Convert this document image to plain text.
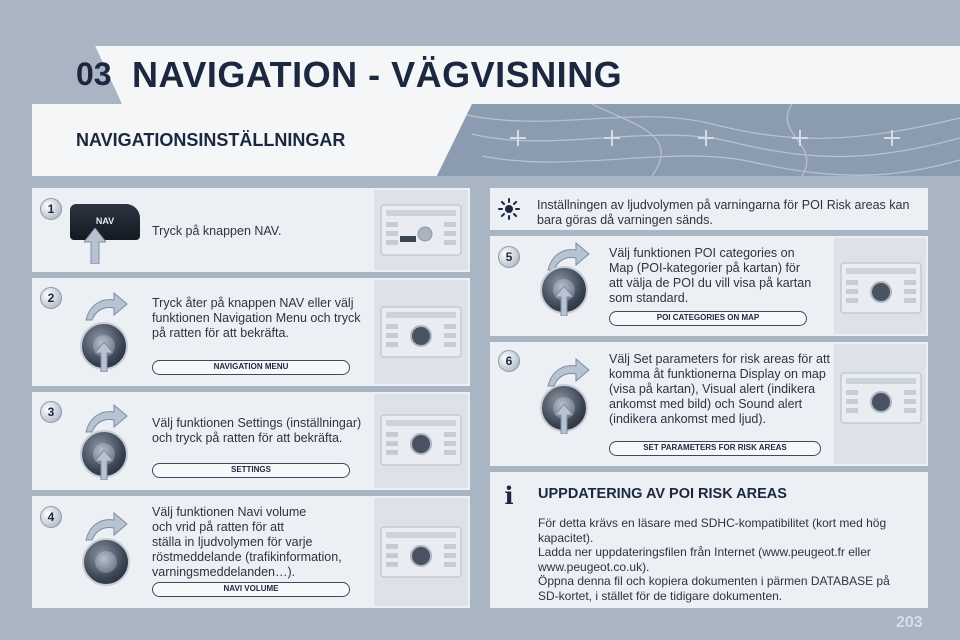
03 NAVIGATION - VÄGVISNING
NAVIGATIONSINSTÄLLNINGAR
1
2
3
4
5
6
NAV
Tryck på knappen NAV.
Tryck åter på knappen NAV eller välj
funktionen Navigation Menu och tryck
på ratten för att bekräfta.
NAVIGATION MENU
Välj funktionen Settings (inställningar)
och tryck på ratten för att bekräfta.
SETTINGS
Välj funktionen Navi volume
och vrid på ratten för att
ställa in ljudvolymen för varje
röstmeddelande (trafikinformation,
varningsmeddelanden…).
NAVI VOLUME
Inställningen av ljudvolymen på varningarna för POI Risk areas kan bara göras då varningen sänds.
Välj funktionen POI categories on
Map (POI-kategorier på kartan) för
att välja de POI du vill visa på kartan
som standard.
POI CATEGORIES ON MAP
Välj Set parameters for risk areas för att
komma åt funktionerna Display on map
(visa på kartan), Visual alert (indikera
ankomst med bild) och Sound alert
(indikera ankomst med ljud).
SET PARAMETERS FOR RISK AREAS
i	UPPDATERING AV POI RISK AREAS
För detta krävs en läsare med SDHC-kompatibilitet (kort med hög
kapacitet).
Ladda ner uppdateringsfilen från Internet (www.peugeot.fr eller
www.peugeot.co.uk).
Öppna denna fil och kopiera dokumenten i pärmen DATABASE på
SD-kortet, i stället för de tidigare dokumenten.
203
